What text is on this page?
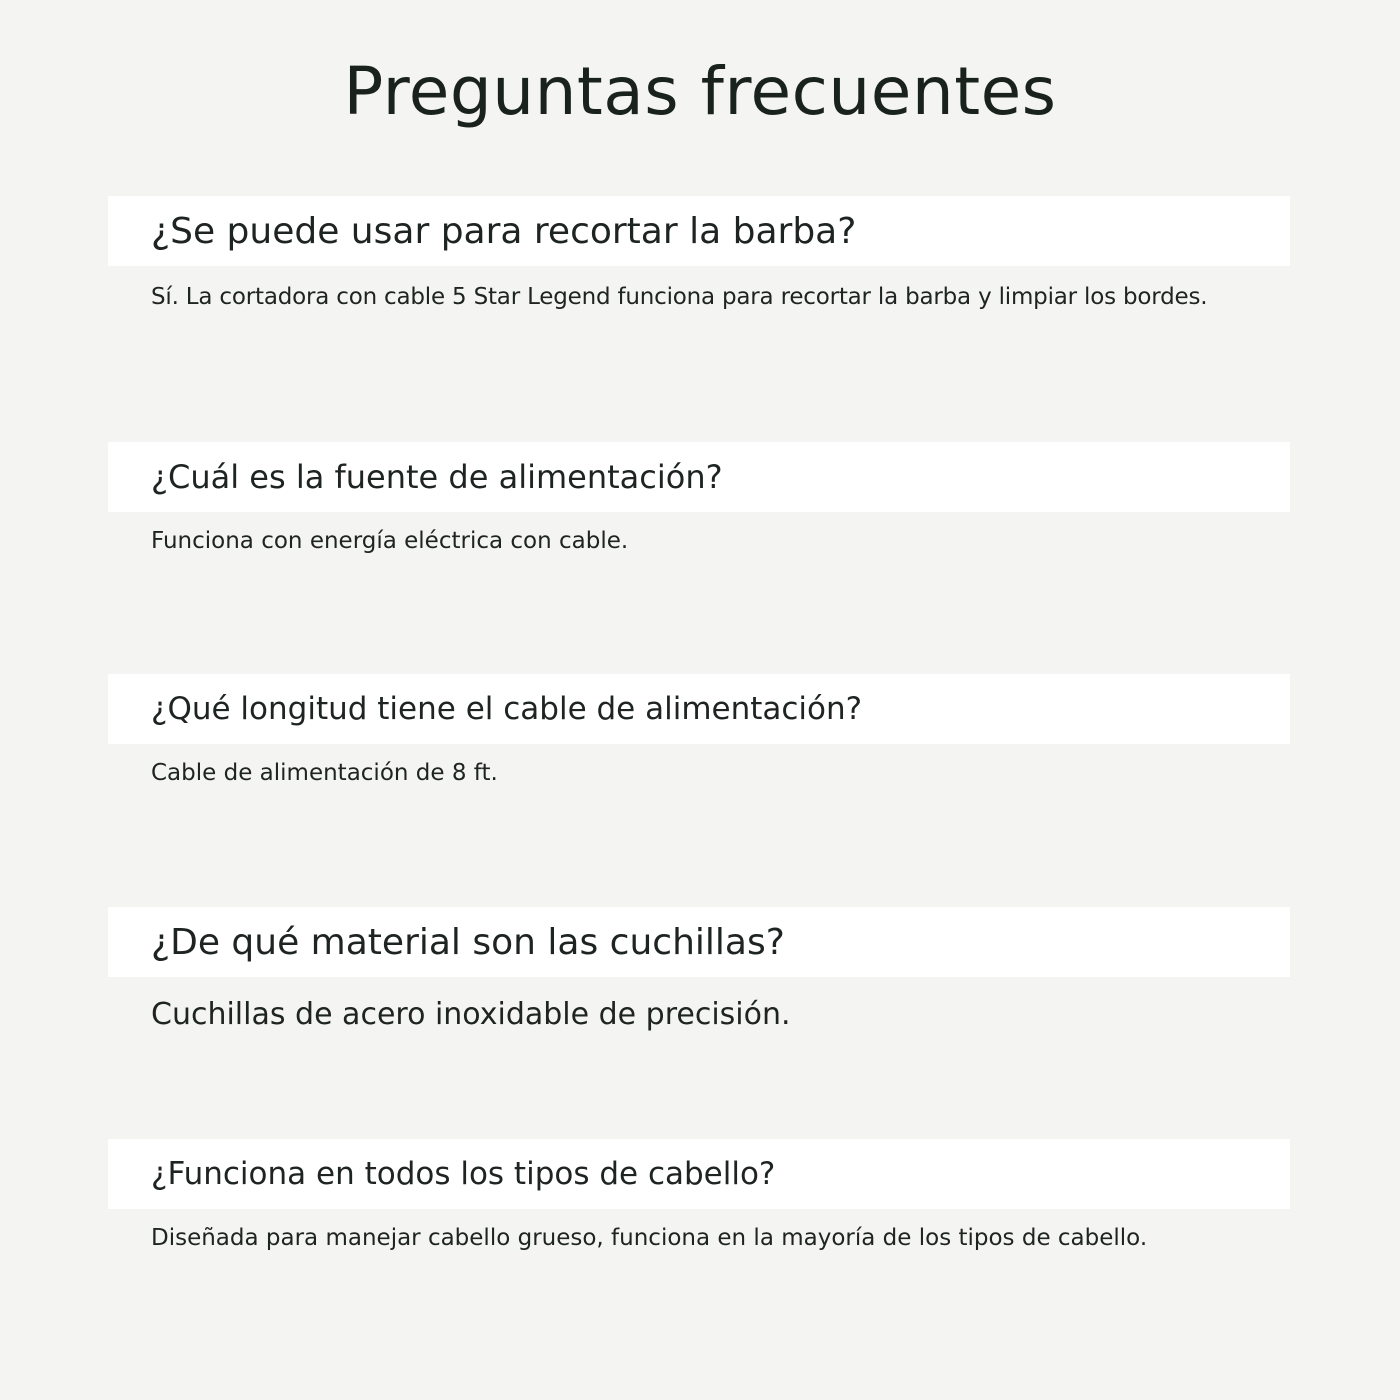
Preguntas frecuentes
¿Se puede usar para recortar la barba?
Sí. La cortadora con cable 5 Star Legend funciona para recortar la barba y limpiar los bordes.
¿Cuál es la fuente de alimentación?
Funciona con energía eléctrica con cable.
¿Qué longitud tiene el cable de alimentación?
Cable de alimentación de 8 ft.
¿De qué material son las cuchillas?
Cuchillas de acero inoxidable de precisión.
¿Funciona en todos los tipos de cabello?
Diseñada para manejar cabello grueso, funciona en la mayoría de los tipos de cabello.
